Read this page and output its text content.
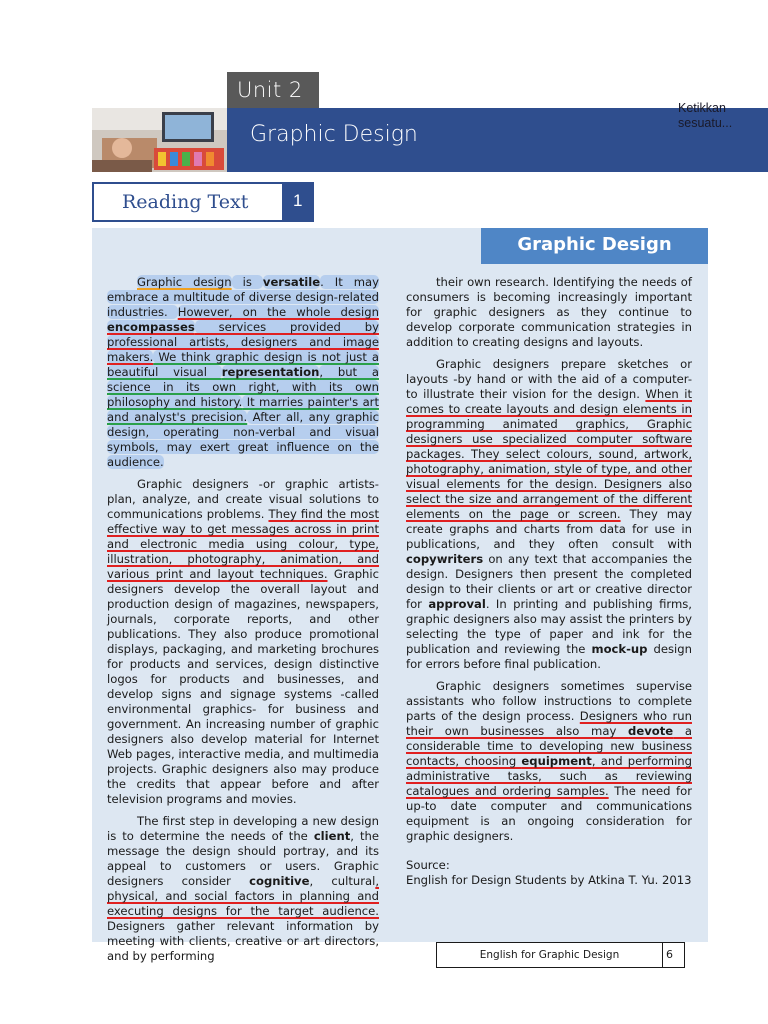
Unit 2
Graphic Design
Ketikkan sesuatu...
Reading Text	1
Graphic Design

Graphic design is versatile. It may embrace a multitude of diverse design-related industries. However, on the whole design encompasses services provided by professional artists, designers and image makers. We think graphic design is not just a beautiful visual representation, but a science in its own right, with its own philosophy and history. It marries painter's art and analyst's precision. After all, any graphic design, operating non-verbal and visual symbols, may exert great influence on the audience.

Graphic designers -or graphic artists- plan, analyze, and create visual solutions to communications problems. They find the most effective way to get messages across in print and electronic media using colour, type, illustration, photography, animation, and various print and layout techniques. Graphic designers develop the overall layout and production design of magazines, newspapers, journals, corporate reports, and other publications. They also produce promotional displays, packaging, and marketing brochures for products and services, design distinctive logos for products and businesses, and develop signs and signage systems -called environmental graphics- for business and government. An increasing number of graphic designers also develop material for Internet Web pages, interactive media, and multimedia projects. Graphic designers also may produce the credits that appear before and after television programs and movies.

The first step in developing a new design is to determine the needs of the client, the message the design should portray, and its appeal to customers or users. Graphic designers consider cognitive, cultural, physical, and social factors in planning and executing designs for the target audience. Designers gather relevant information by meeting with clients, creative or art directors, and by performing

their own research. Identifying the needs of consumers is becoming increasingly important for graphic designers as they continue to develop corporate communication strategies in addition to creating designs and layouts.

Graphic designers prepare sketches or layouts -by hand or with the aid of a computer- to illustrate their vision for the design. When it comes to create layouts and design elements in programming animated graphics, Graphic designers use specialized computer software packages. They select colours, sound, artwork, photography, animation, style of type, and other visual elements for the design. Designers also select the size and arrangement of the different elements on the page or screen. They may create graphs and charts from data for use in publications, and they often consult with copywriters on any text that accompanies the design. Designers then present the completed design to their clients or art or creative director for approval. In printing and publishing firms, graphic designers also may assist the printers by selecting the type of paper and ink for the publication and reviewing the mock-up design for errors before final publication.

Graphic designers sometimes supervise assistants who follow instructions to complete parts of the design process. Designers who run their own businesses also may devote a considerable time to developing new business contacts, choosing equipment, and performing administrative tasks, such as reviewing catalogues and ordering samples. The need for up-to date computer and communications equipment is an ongoing consideration for graphic designers.

Source:
English for Design Students by Atkina T. Yu. 2013

English for Graphic Design	6
